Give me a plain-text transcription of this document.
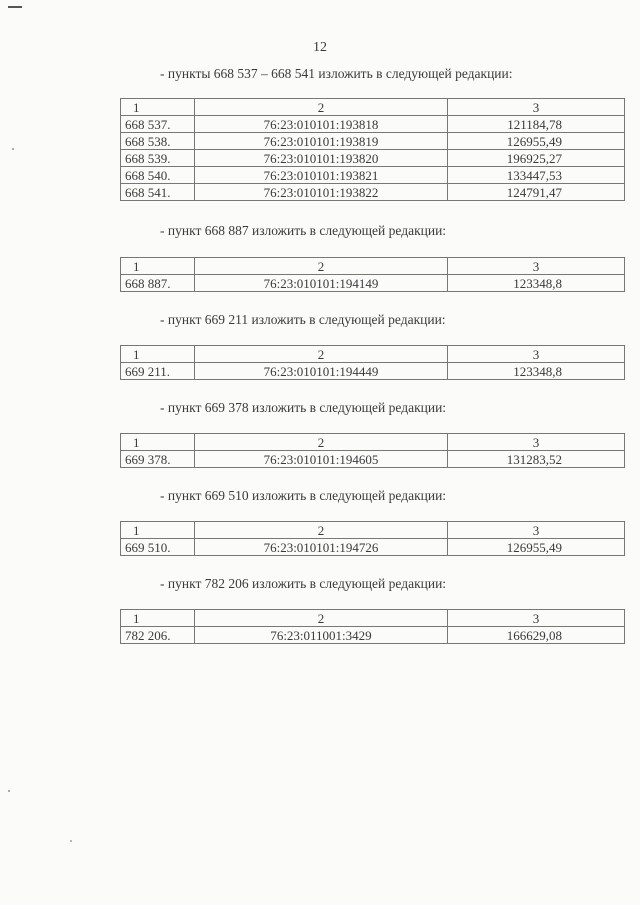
12
- пункты 668 537 – 668 541 изложить в следующей редакции:
1	2	3
668 537.	76:23:010101:193818	121184,78
668 538.	76:23:010101:193819	126955,49
668 539.	76:23:010101:193820	196925,27
668 540.	76:23:010101:193821	133447,53
668 541.	76:23:010101:193822	124791,47
- пункт 668 887 изложить в следующей редакции:
1	2	3
668 887.	76:23:010101:194149	123348,8
- пункт 669 211 изложить в следующей редакции:
1	2	3
669 211.	76:23:010101:194449	123348,8
- пункт 669 378 изложить в следующей редакции:
1	2	3
669 378.	76:23:010101:194605	131283,52
- пункт 669 510 изложить в следующей редакции:
1	2	3
669 510.	76:23:010101:194726	126955,49
- пункт 782 206 изложить в следующей редакции:
1	2	3
782 206.	76:23:011001:3429	166629,08
